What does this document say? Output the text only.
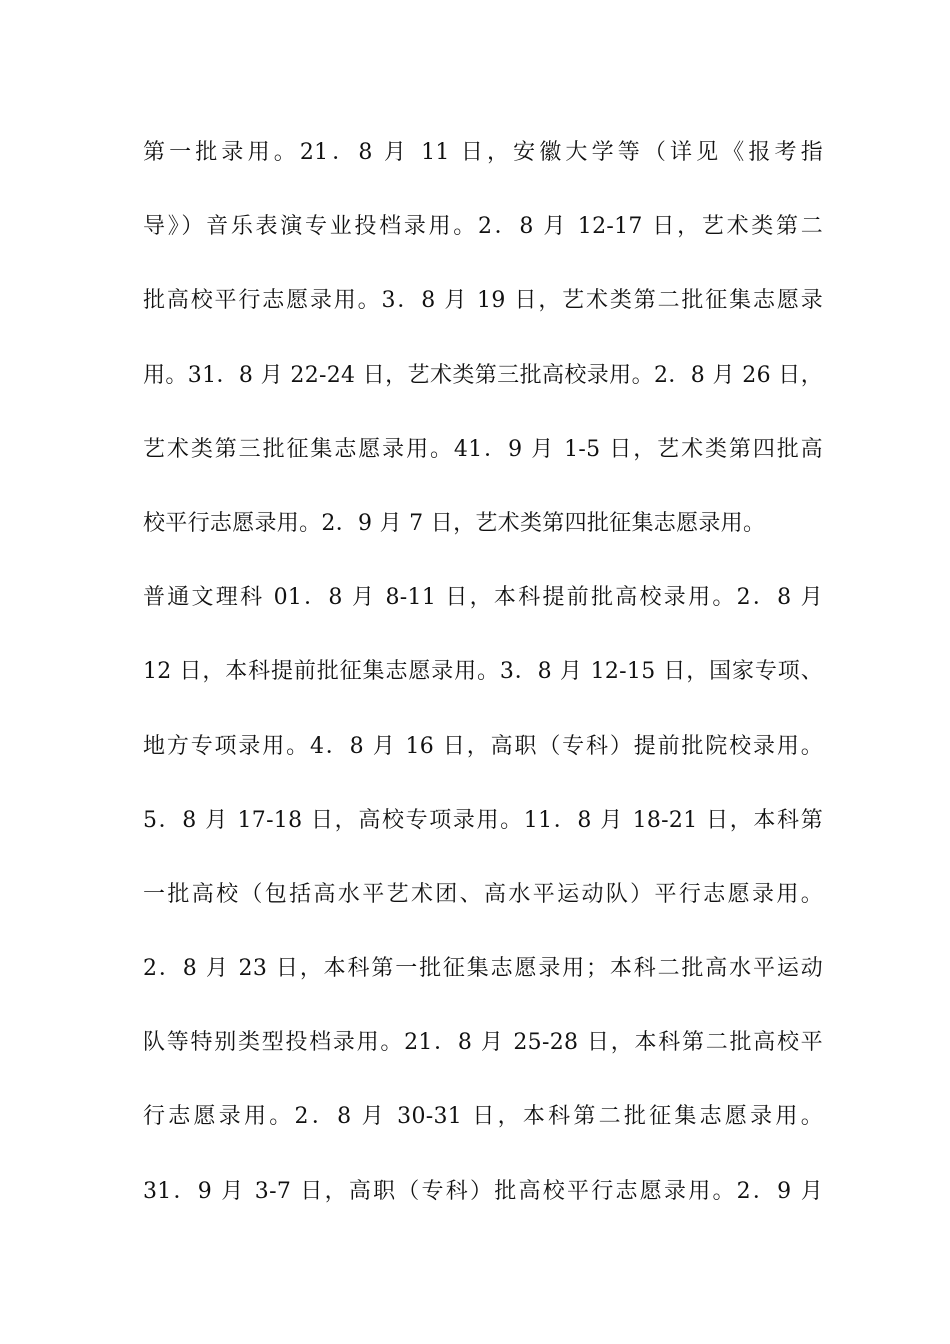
第一批录用。21．8 月 11 日，安徽大学等（详见《报考指
导》）音乐表演专业投档录用。2．8 月 12-17 日，艺术类第二
批高校平行志愿录用。3．8 月 19 日，艺术类第二批征集志愿录
用。31．8 月 22-24 日，艺术类第三批高校录用。2．8 月 26 日，
艺术类第三批征集志愿录用。41．9 月 1-5 日，艺术类第四批高
校平行志愿录用。2．9 月 7 日，艺术类第四批征集志愿录用。
普通文理科 01．8 月 8-11 日，本科提前批高校录用。2．8 月
12 日，本科提前批征集志愿录用。3．8 月 12-15 日，国家专项、
地方专项录用。4．8 月 16 日，高职（专科）提前批院校录用。
5．8 月 17-18 日，高校专项录用。11．8 月 18-21 日，本科第
一批高校（包括高水平艺术团、高水平运动队）平行志愿录用。
2．8 月 23 日，本科第一批征集志愿录用；本科二批高水平运动
队等特别类型投档录用。21．8 月 25-28 日，本科第二批高校平
行志愿录用。2．8 月 30-31 日，本科第二批征集志愿录用。
31．9 月 3-7 日，高职（专科）批高校平行志愿录用。2．9 月
